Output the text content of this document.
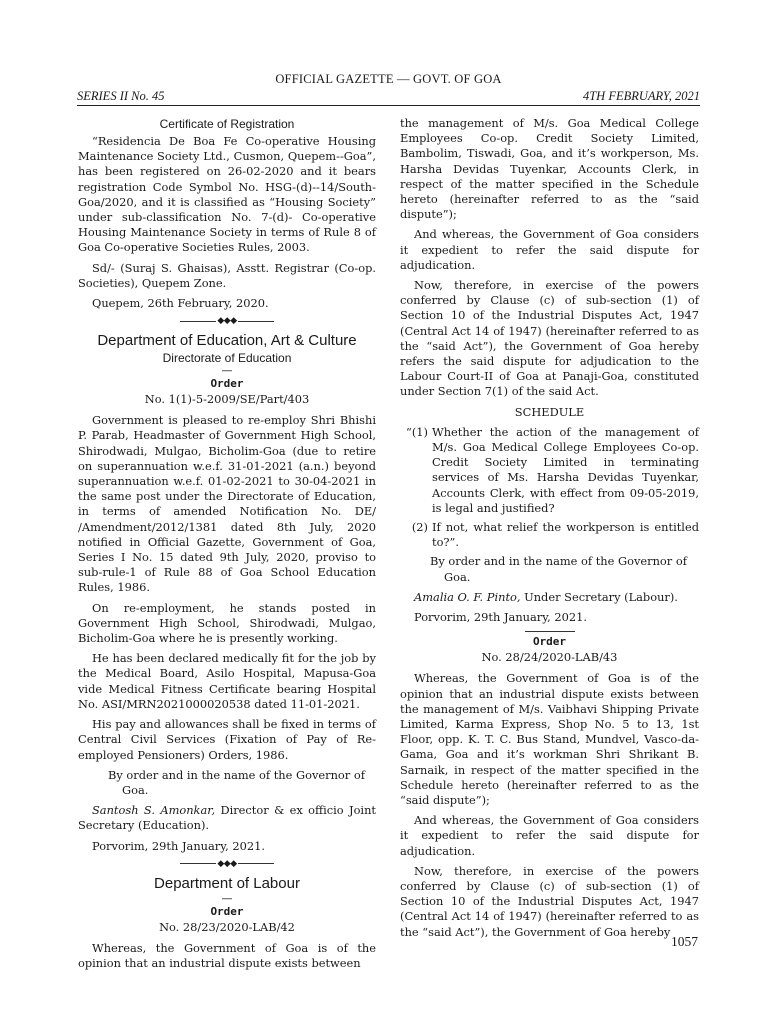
OFFICIAL GAZETTE — GOVT. OF GOA
SERIES II No. 45	4TH FEBRUARY, 2021
Certificate of Registration

“Residencia De Boa Fe Co-operative Housing Maintenance Society Ltd., Cusmon, Quepem--Goa”, has been registered on 26-02-2020 and it bears registration Code Symbol No. HSG-(d)--14/South-Goa/2020, and it is classified as “Housing Society” under sub-classification No. 7-(d)- Co-operative Housing Maintenance Society in terms of Rule 8 of Goa Co-operative Societies Rules, 2003.

Sd/- (Suraj S. Ghaisas), Asstt. Registrar (Co-op. Societies), Quepem Zone.

Quepem, 26th February, 2020.

◆◆◆
Department of Education, Art & Culture
Directorate of Education
—
Order
No. 1(1)-5-2009/SE/Part/403

Government is pleased to re-employ Shri Bhishi P. Parab, Headmaster of Government High School, Shirodwadi, Mulgao, Bicholim-Goa (due to retire on superannuation w.e.f. 31-01-2021 (a.n.) beyond superannuation w.e.f. 01-02-2021 to 30-04-2021 in the same post under the Directorate of Education, in terms of amended Notification No. DE/ /Amendment/2012/1381 dated 8th July, 2020 notified in Official Gazette, Government of Goa, Series I No. 15 dated 9th July, 2020, proviso to sub-rule-1 of Rule 88 of Goa School Education Rules, 1986.

On re-employment, he stands posted in Government High School, Shirodwadi, Mulgao, Bicholim-Goa where he is presently working.

He has been declared medically fit for the job by the Medical Board, Asilo Hospital, Mapusa-Goa vide Medical Fitness Certificate bearing Hospital No. ASI/MRN2021000020538 dated 11-01-2021.

His pay and allowances shall be fixed in terms of Central Civil Services (Fixation of Pay of Re-employed Pensioners) Orders, 1986.

By order and in the name of the Governor of
Goa.

Santosh S. Amonkar, Director & ex officio Joint Secretary (Education).

Porvorim, 29th January, 2021.

◆◆◆
Department of Labour
—
Order
No. 28/23/2020-LAB/42

Whereas, the Government of Goa is of the opinion that an industrial dispute exists between

the management of M/s. Goa Medical College Employees Co-op. Credit Society Limited, Bambolim, Tiswadi, Goa, and it’s workperson, Ms. Harsha Devidas Tuyenkar, Accounts Clerk, in respect of the matter specified in the Schedule hereto (hereinafter referred to as the “said dispute”);

And whereas, the Government of Goa considers it expedient to refer the said dispute for adjudication.

Now, therefore, in exercise of the powers conferred by Clause (c) of sub-section (1) of Section 10 of the Industrial Disputes Act, 1947 (Central Act 14 of 1947) (hereinafter referred to as the “said Act”), the Government of Goa hereby refers the said dispute for adjudication to the Labour Court-II of Goa at Panaji-Goa, constituted under Section 7(1) of the said Act.

SCHEDULE
“(1) Whether the action of the management of M/s. Goa Medical College Employees Co-op. Credit Society Limited in terminating services of Ms. Harsha Devidas Tuyenkar, Accounts Clerk, with effect from 09-05-2019, is legal and justified?
(2) If not, what relief the workperson is entitled to?”.
By order and in the name of the Governor of
Goa.

Amalia O. F. Pinto, Under Secretary (Labour).

Porvorim, 29th January, 2021.

Order
No. 28/24/2020-LAB/43

Whereas, the Government of Goa is of the opinion that an industrial dispute exists between the management of M/s. Vaibhavi Shipping Private Limited, Karma Express, Shop No. 5 to 13, 1st Floor, opp. K. T. C. Bus Stand, Mundvel, Vasco-da-Gama, Goa and it’s workman Shri Shrikant B. Sarnaik, in respect of the matter specified in the Schedule hereto (hereinafter referred to as the “said dispute”);

And whereas, the Government of Goa considers it expedient to refer the said dispute for adjudication.

Now, therefore, in exercise of the powers conferred by Clause (c) of sub-section (1) of Section 10 of the Industrial Disputes Act, 1947 (Central Act 14 of 1947) (hereinafter referred to as the “said Act”), the Government of Goa hereby

1057
